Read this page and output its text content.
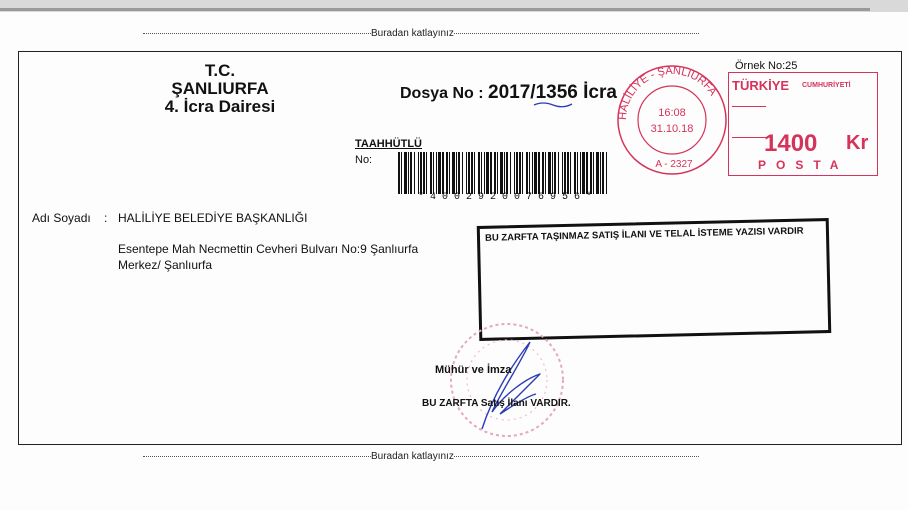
Buradan katlayınız
T.C.
ŞANLIURFA
4. İcra Dairesi
Dosya No : 2017/1356 İcra
TAAHHÜTLÜ
No:
*4002920076956*
HALİLİYE - ŞANLIURFA
16:08
31.10.18
A - 2327
Örnek No:25
TÜRKİYE CUMHURİYETİ
1400 Kr
POSTA
Adı Soyadı : HALİLİYE BELEDİYE BAŞKANLIĞI
Esentepe Mah Necmettin Cevheri Bulvarı No:9 Şanlıurfa
Merkez/ Şanlıurfa
BU ZARFTA TAŞINMAZ SATIŞ İLANI VE TELAL İSTEME YAZISI VARDIR
Mühür ve İmza
BU ZARFTA Satış İlanı VARDIR.
Buradan katlayınız
